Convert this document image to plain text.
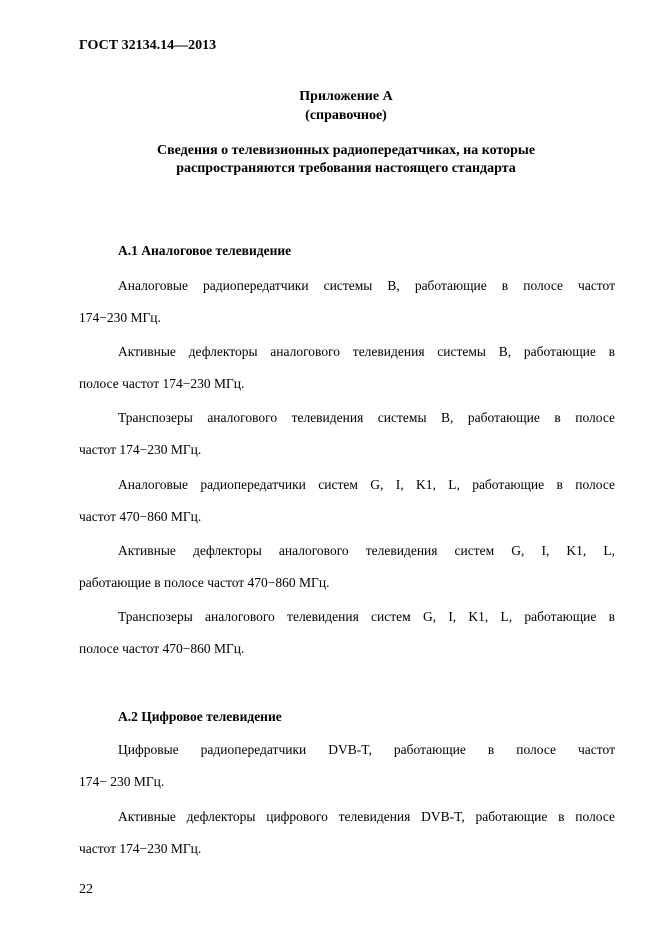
ГОСТ 32134.14—2013
Приложение А
(справочное)
Сведения о телевизионных радиопередатчиках, на которые
распространяются требования настоящего стандарта
А.1 Аналоговое телевидение
Аналоговые радиопередатчики системы В, работающие в полосе частот
174−230 МГц.
Активные дефлекторы аналогового телевидения системы В, работающие в
полосе частот 174−230 МГц.
Транспозеры аналогового телевидения системы В, работающие в полосе
частот 174−230 МГц.
Аналоговые радиопередатчики систем G, I, K1, L, работающие в полосе
частот 470−860 МГц.
Активные дефлекторы аналогового телевидения систем G, I, K1, L,
работающие в полосе частот 470−860 МГц.
Транспозеры аналогового телевидения систем G, I, K1, L, работающие в
полосе частот 470−860 МГц.
А.2 Цифровое телевидение
Цифровые радиопередатчики DVB-T, работающие в полосе частот
174− 230 МГц.
Активные дефлекторы цифрового телевидения DVB-T, работающие в полосе
частот 174−230 МГц.
22
